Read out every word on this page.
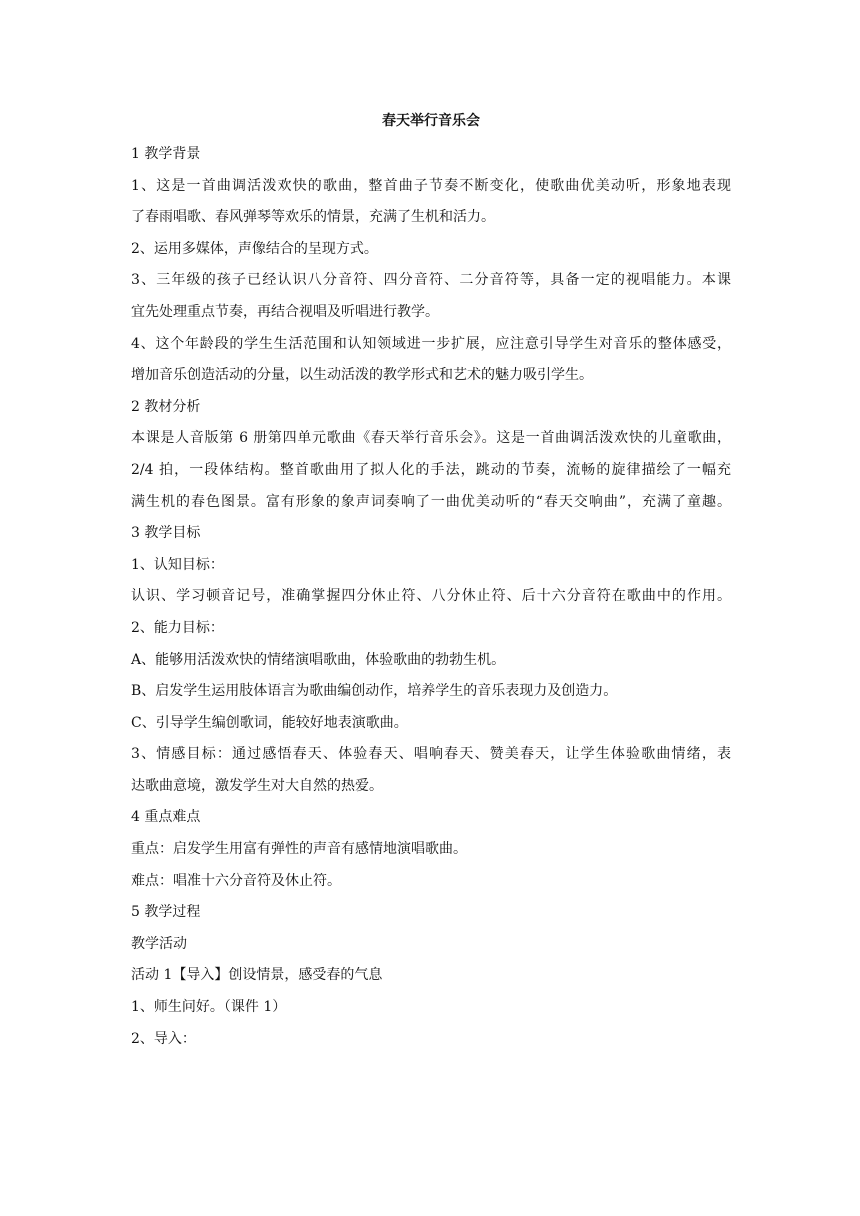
春天举行音乐会
1 教学背景
1、这是一首曲调活泼欢快的歌曲，整首曲子节奏不断变化，使歌曲优美动听，形象地表现
了春雨唱歌、春风弹琴等欢乐的情景，充满了生机和活力。
2、运用多媒体，声像结合的呈现方式。
3、三年级的孩子已经认识八分音符、四分音符、二分音符等，具备一定的视唱能力。本课
宜先处理重点节奏，再结合视唱及听唱进行教学。
4、这个年龄段的学生生活范围和认知领域进一步扩展，应注意引导学生对音乐的整体感受，
增加音乐创造活动的分量，以生动活泼的教学形式和艺术的魅力吸引学生。
2 教材分析
本课是人音版第 6 册第四单元歌曲《春天举行音乐会》。这是一首曲调活泼欢快的儿童歌曲，
2/4 拍，一段体结构。整首歌曲用了拟人化的手法，跳动的节奏，流畅的旋律描绘了一幅充
满生机的春色图景。富有形象的象声词奏响了一曲优美动听的“春天交响曲”，充满了童趣。
3 教学目标
1、认知目标：
认识、学习顿音记号，准确掌握四分休止符、八分休止符、后十六分音符在歌曲中的作用。
2、能力目标：
A、能够用活泼欢快的情绪演唱歌曲，体验歌曲的勃勃生机。
B、启发学生运用肢体语言为歌曲编创动作，培养学生的音乐表现力及创造力。
C、引导学生编创歌词，能较好地表演歌曲。
3、情感目标：通过感悟春天、体验春天、唱响春天、赞美春天，让学生体验歌曲情绪，表
达歌曲意境，激发学生对大自然的热爱。
4 重点难点
重点：启发学生用富有弹性的声音有感情地演唱歌曲。
难点：唱准十六分音符及休止符。
5 教学过程
教学活动
活动 1【导入】创设情景，感受春的气息
1、师生问好。（课件 1）
2、导入：
